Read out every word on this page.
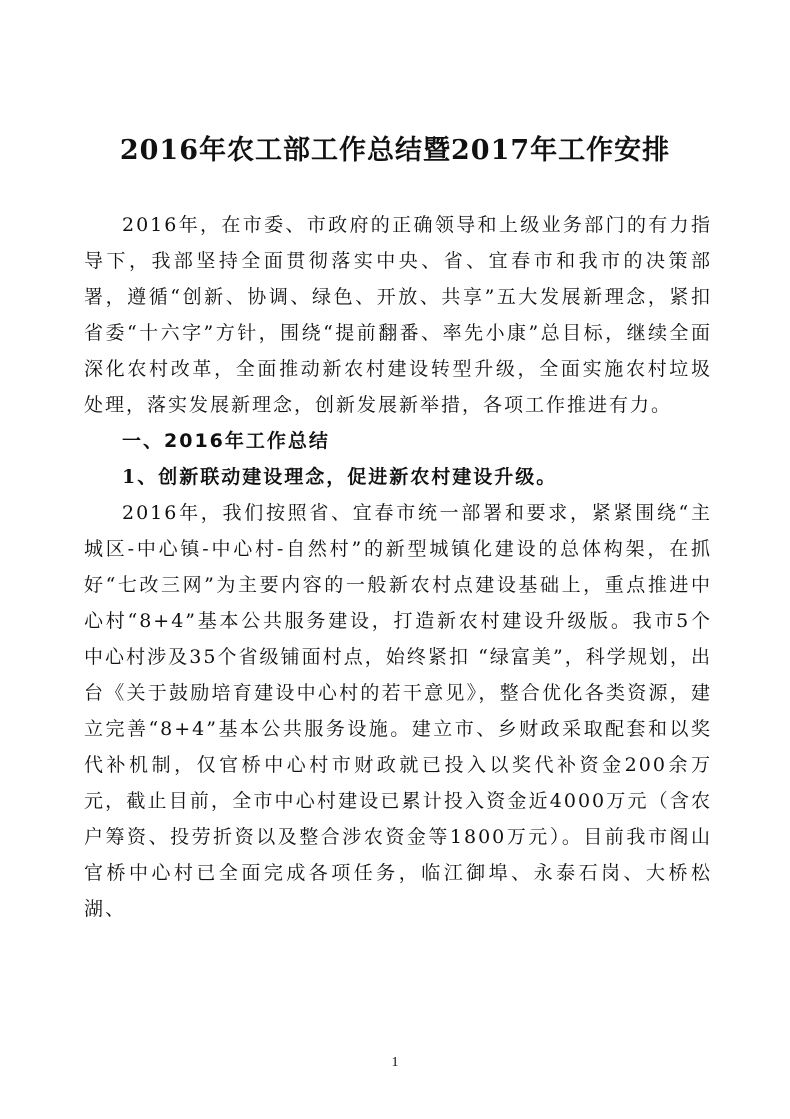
2016年农工部工作总结暨2017年工作安排

2016年，在市委、市政府的正确领导和上级业务部门的有力指导下，我部坚持全面贯彻落实中央、省、宜春市和我市的决策部署，遵循“创新、协调、绿色、开放、共享”五大发展新理念，紧扣省委“十六字”方针，围绕“提前翻番、率先小康”总目标，继续全面深化农村改革，全面推动新农村建设转型升级，全面实施农村垃圾处理，落实发展新理念，创新发展新举措，各项工作推进有力。

一、2016年工作总结

1、创新联动建设理念，促进新农村建设升级。

2016年，我们按照省、宜春市统一部署和要求，紧紧围绕“主城区-中心镇-中心村-自然村”的新型城镇化建设的总体构架，在抓好“七改三网”为主要内容的一般新农村点建设基础上，重点推进中心村“8+4”基本公共服务建设，打造新农村建设升级版。我市5个中心村涉及35个省级铺面村点，始终紧扣 “绿富美”，科学规划，出台《关于鼓励培育建设中心村的若干意见》，整合优化各类资源，建立完善“8+4”基本公共服务设施。建立市、乡财政采取配套和以奖代补机制，仅官桥中心村市财政就已投入以奖代补资金200余万元，截止目前，全市中心村建设已累计投入资金近4000万元（含农户筹资、投劳折资以及整合涉农资金等1800万元）。目前我市阁山官桥中心村已全面完成各项任务，临江御埠、永泰石岗、大桥松湖、

1
